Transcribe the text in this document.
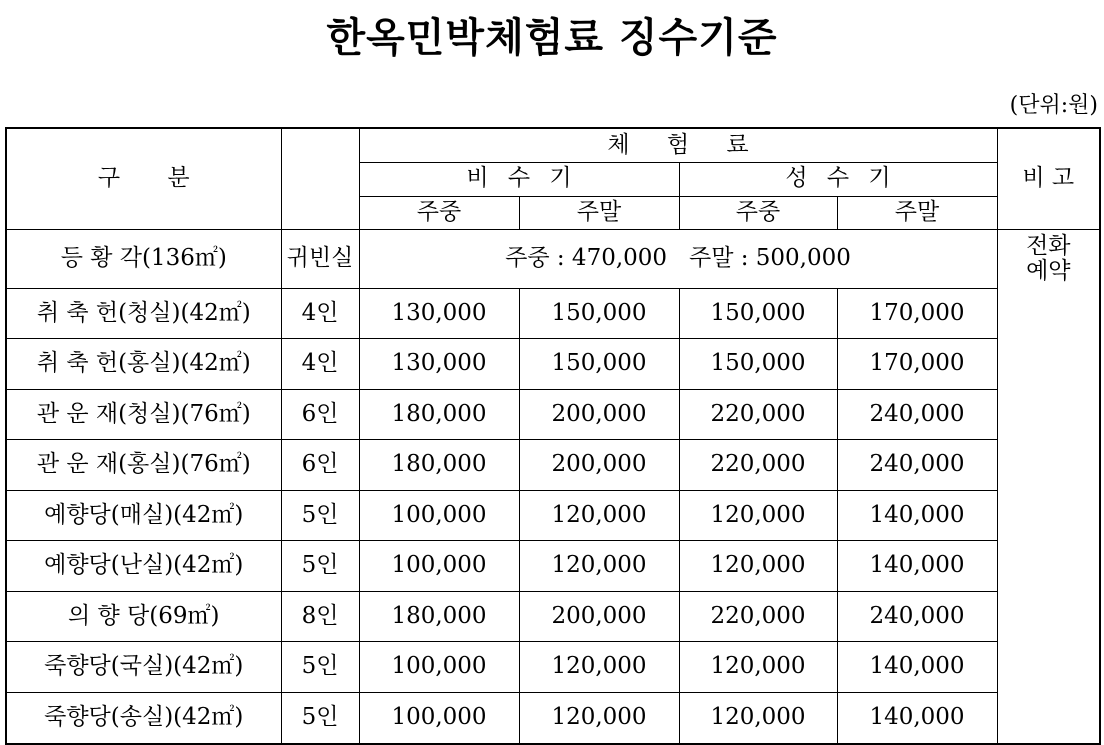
한옥민박체험료 징수기준
(단위:원)
구 분		체 험 료				비 고
		비 수 기		성 수 기		
		주중	주말	주중	주말	
등 황 각(136㎡)	귀빈실	주중 : 470,000   주말 : 500,000				전화
예약

취 축 헌(청실)(42㎡)	4인	130,000	150,000	150,000	170,000	
취 축 헌(홍실)(42㎡)	4인	130,000	150,000	150,000	170,000	
관 운 재(청실)(76㎡)	6인	180,000	200,000	220,000	240,000	
관 운 재(홍실)(76㎡)	6인	180,000	200,000	220,000	240,000	
예향당(매실)(42㎡)	5인	100,000	120,000	120,000	140,000	
예향당(난실)(42㎡)	5인	100,000	120,000	120,000	140,000	
의 향 당(69㎡)	8인	180,000	200,000	220,000	240,000	
죽향당(국실)(42㎡)	5인	100,000	120,000	120,000	140,000	
죽향당(송실)(42㎡)	5인	100,000	120,000	120,000	140,000	
